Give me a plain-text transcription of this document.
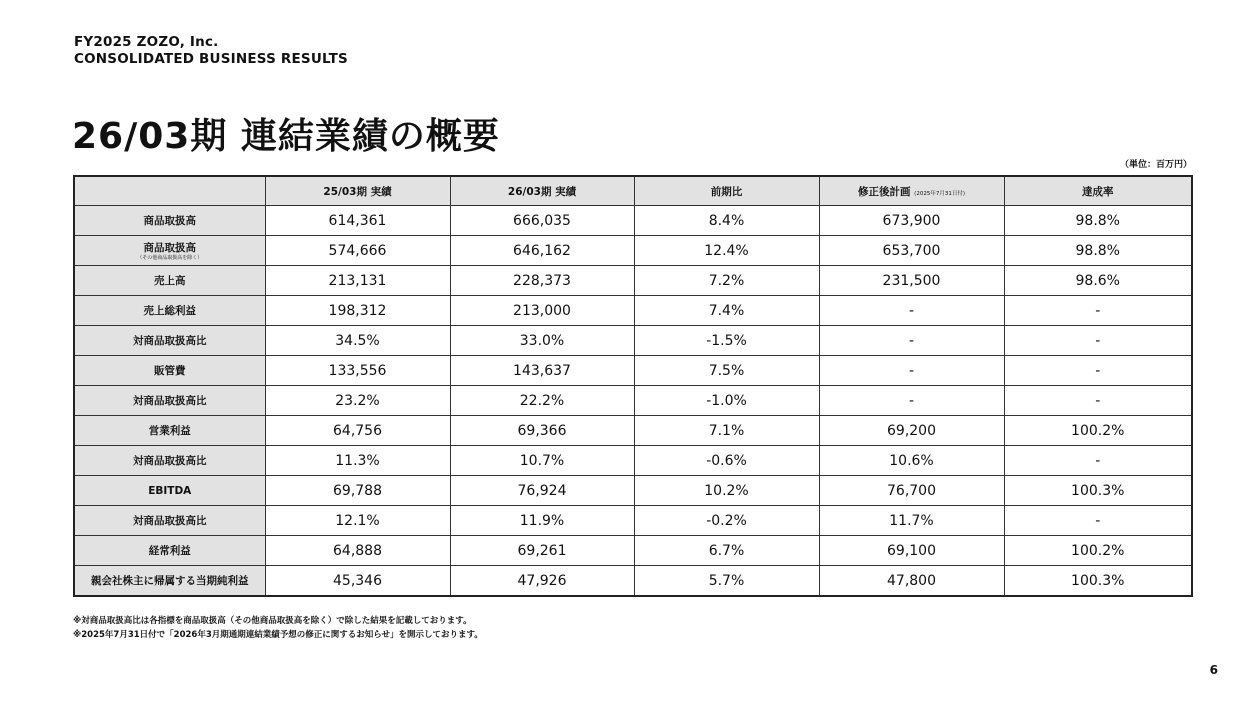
FY2025 ZOZO, Inc.
CONSOLIDATED BUSINESS RESULTS
26/03期 連結業績の概要
（単位：百万円）
	25/03期 実績	26/03期 実績	前期比	修正後計画 (2025年7月31日付)	達成率
商品取扱高	614,361	666,035	8.4%	673,900	98.8%
商品取扱高
（その他商品取扱高を除く）	574,666	646,162	12.4%	653,700	98.8%
売上高	213,131	228,373	7.2%	231,500	98.6%
売上総利益	198,312	213,000	7.4%	-	-
対商品取扱高比	34.5%	33.0%	-1.5%	-	-
販管費	133,556	143,637	7.5%	-	-
対商品取扱高比	23.2%	22.2%	-1.0%	-	-
営業利益	64,756	69,366	7.1%	69,200	100.2%
対商品取扱高比	11.3%	10.7%	-0.6%	10.6%	-
EBITDA	69,788	76,924	10.2%	76,700	100.3%
対商品取扱高比	12.1%	11.9%	-0.2%	11.7%	-
経常利益	64,888	69,261	6.7%	69,100	100.2%
親会社株主に帰属する当期純利益	45,346	47,926	5.7%	47,800	100.3%
※対商品取扱高比は各指標を商品取扱高（その他商品取扱高を除く）で除した結果を記載しております。
※2025年7月31日付で「2026年3月期通期連結業績予想の修正に関するお知らせ」を開示しております。
6
